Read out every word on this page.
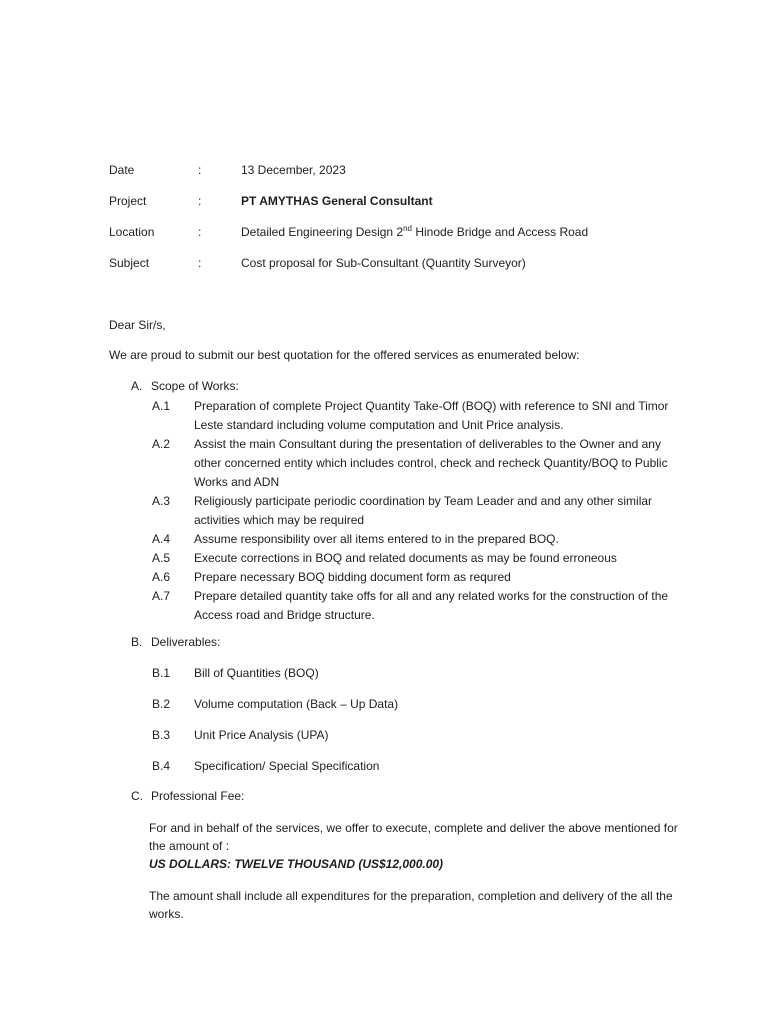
Date	:	13 December, 2023
Project	:	PT AMYTHAS General Consultant
Location	:	Detailed Engineering Design 2nd Hinode Bridge and Access Road
Subject	:	Cost proposal for Sub-Consultant (Quantity Surveyor)
Dear Sir/s,
We are proud to submit our best quotation for the offered services as enumerated below:
A. Scope of Works:
A.1	Preparation of complete Project Quantity Take-Off (BOQ) with reference to SNI and Timor Leste standard including volume computation and Unit Price analysis.
A.2	Assist the main Consultant during the presentation of deliverables to the Owner and any other concerned entity which includes control, check and recheck Quantity/BOQ to Public Works and ADN
A.3	Religiously participate periodic coordination by Team Leader and and any other similar activities which may be required
A.4	Assume responsibility over all items entered to in the prepared BOQ.
A.5	Execute corrections in BOQ and related documents as may be found erroneous
A.6	Prepare necessary BOQ bidding document form as requred
A.7	Prepare detailed quantity take offs for all and any related works for the construction of the Access road and Bridge structure.
B. Deliverables:
B.1	Bill of Quantities (BOQ)
B.2	Volume computation (Back – Up Data)
B.3	Unit Price Analysis (UPA)
B.4	Specification/ Special Specification
C. Professional Fee:

For and in behalf of the services, we offer to execute, complete and deliver the above mentioned for the amount of :

US DOLLARS: TWELVE THOUSAND (US$12,000.00)

The amount shall include all expenditures for the preparation, completion and delivery of the all the works.
